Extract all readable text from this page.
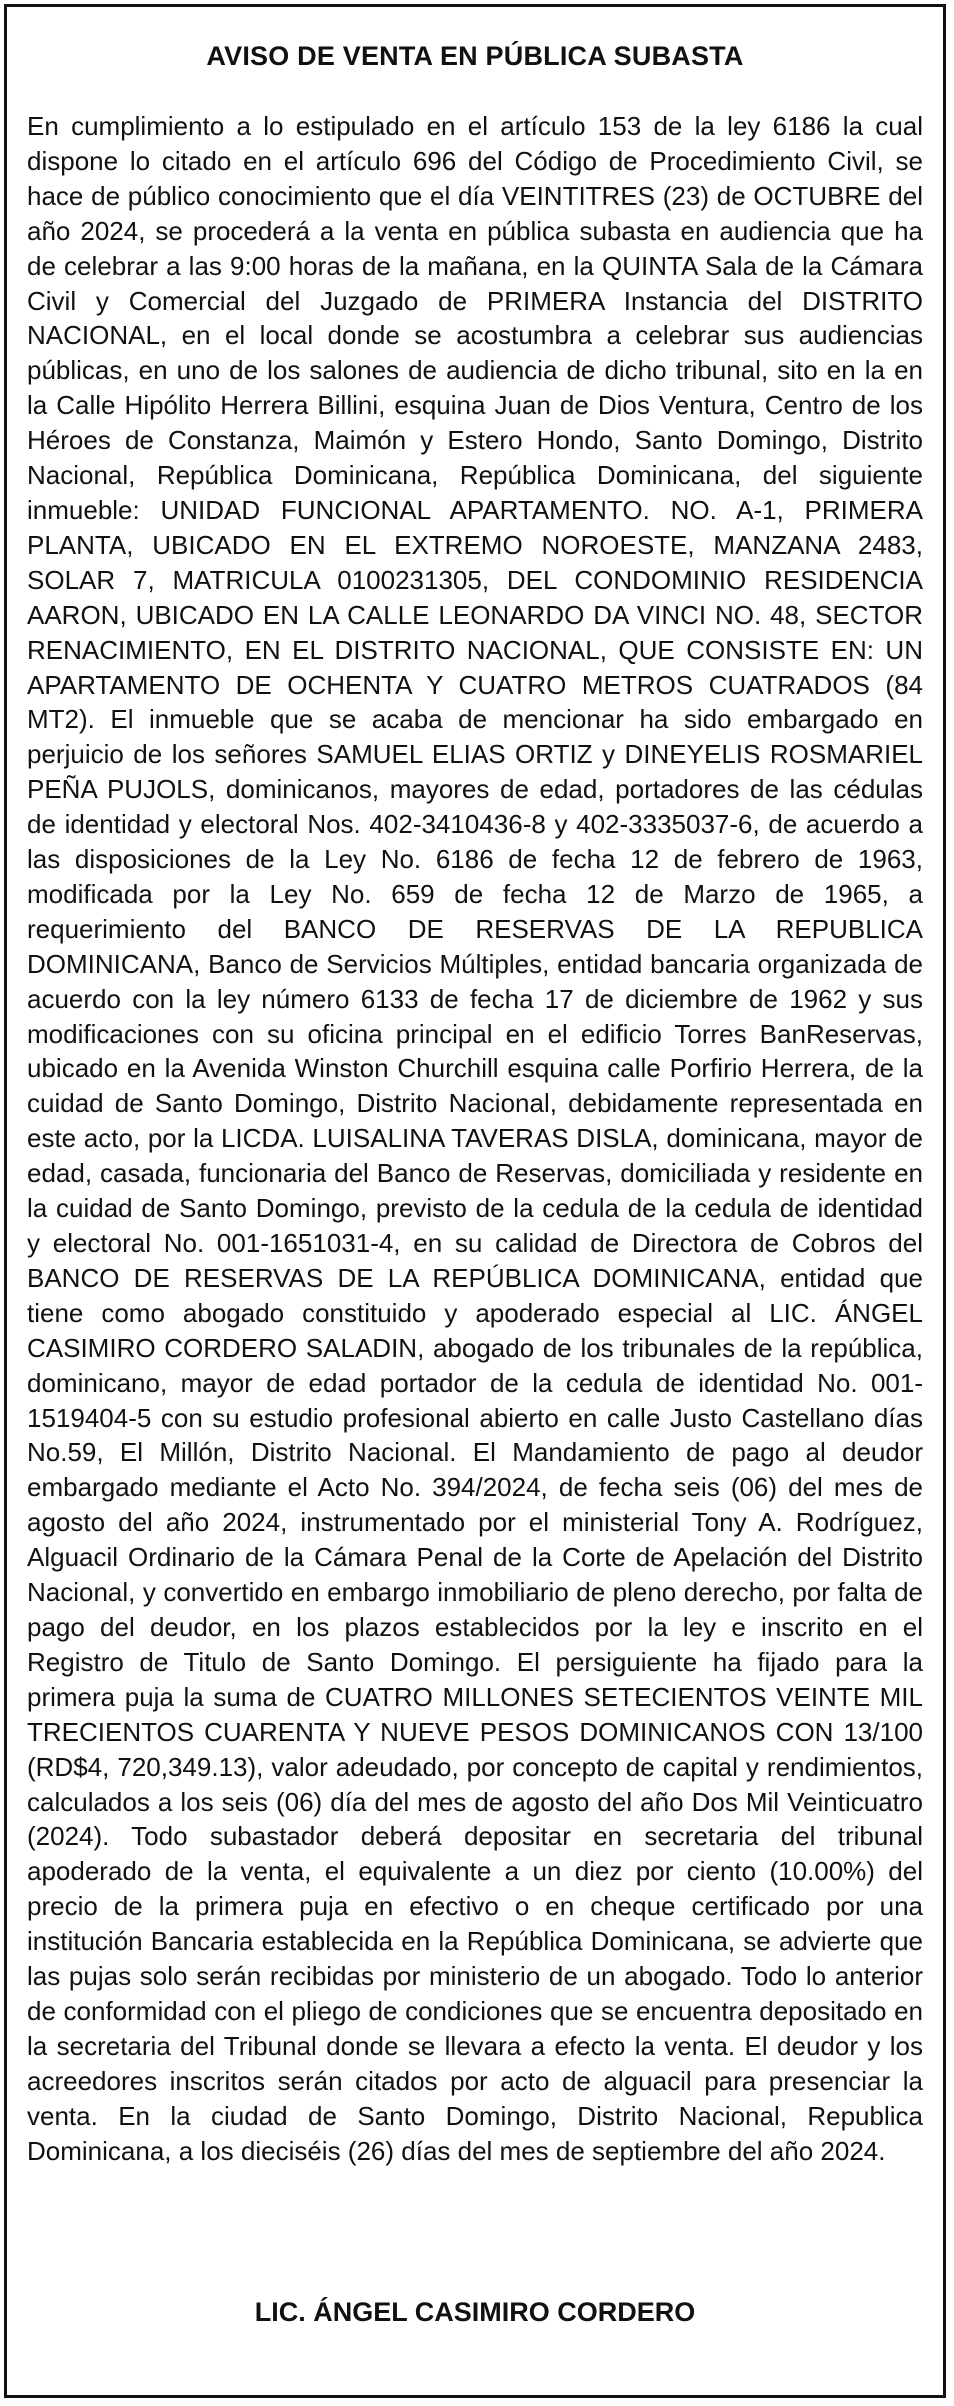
AVISO DE VENTA EN PÚBLICA SUBASTA

En cumplimiento a lo estipulado en el artículo 153 de la ley 6186 la cual dispone lo citado en el artículo 696 del Código de Procedimiento Civil, se hace de público conocimiento que el día VEINTITRES (23) de OCTUBRE del año 2024, se procederá a la venta en pública subasta en audiencia que ha de celebrar a las 9:00 horas de la mañana, en la QUINTA Sala de la Cámara Civil y Comercial del Juzgado de PRIMERA Instancia del DISTRITO NACIONAL, en el local donde se acostumbra a celebrar sus audiencias públicas, en uno de los salones de audiencia de dicho tribunal, sito en la en la Calle Hipólito Herrera Billini, esquina Juan de Dios Ventura, Centro de los Héroes de Constanza, Maimón y Estero Hondo, Santo Domingo, Distrito Nacional, República Dominicana, República Dominicana, del siguiente inmueble: UNIDAD FUNCIONAL APARTAMENTO. NO. A-1, PRIMERA PLANTA, UBICADO EN EL EXTREMO NOROESTE, MANZANA 2483, SOLAR 7, MATRICULA 0100231305, DEL CONDOMINIO RESIDENCIA AARON, UBICADO EN LA CALLE LEONARDO DA VINCI NO. 48, SECTOR RENACIMIENTO, EN EL DISTRITO NACIONAL, QUE CONSISTE EN: UN APARTAMENTO DE OCHENTA Y CUATRO METROS CUATRADOS (84 MT2). El inmueble que se acaba de mencionar ha sido embargado en perjuicio de los señores SAMUEL ELIAS ORTIZ y DINEYELIS ROSMARIEL PEÑA PUJOLS, dominicanos, mayores de edad, portadores de las cédulas de identidad y electoral Nos. 402-3410436-8 y 402-3335037-6, de acuerdo a las disposiciones de la Ley No. 6186 de fecha 12 de febrero de 1963, modificada por la Ley No. 659 de fecha 12 de Marzo de 1965, a requerimiento del BANCO DE RESERVAS DE LA REPUBLICA DOMINICANA, Banco de Servicios Múltiples, entidad bancaria organizada de acuerdo con la ley número 6133 de fecha 17 de diciembre de 1962 y sus modificaciones con su oficina principal en el edificio Torres BanReservas, ubicado en la Avenida Winston Churchill esquina calle Porfirio Herrera, de la cuidad de Santo Domingo, Distrito Nacional, debidamente representada en este acto, por la LICDA. LUISALINA TAVERAS DISLA, dominicana, mayor de edad, casada, funcionaria del Banco de Reservas, domiciliada y residente en la cuidad de Santo Domingo, previsto de la cedula de la cedula de identidad y electoral No. 001-1651031-4, en su calidad de Directora de Cobros del BANCO DE RESERVAS DE LA REPÚBLICA DOMINICANA, entidad que tiene como abogado constituido y apoderado especial al LIC. ÁNGEL CASIMIRO CORDERO SALADIN, abogado de los tribunales de la república, dominicano, mayor de edad portador de la cedula de identidad No. 001-1519404-5 con su estudio profesional abierto en calle Justo Castellano días No.59, El Millón, Distrito Nacional. El Mandamiento de pago al deudor embargado mediante el Acto No. 394/2024, de fecha seis (06) del mes de agosto del año 2024, instrumentado por el ministerial Tony A. Rodríguez, Alguacil Ordinario de la Cámara Penal de la Corte de Apelación del Distrito Nacional, y convertido en embargo inmobiliario de pleno derecho, por falta de pago del deudor, en los plazos establecidos por la ley e inscrito en el Registro de Titulo de Santo Domingo. El persiguiente ha fijado para la primera puja la suma de CUATRO MILLONES SETECIENTOS VEINTE MIL TRECIENTOS CUARENTA Y NUEVE PESOS DOMINICANOS CON 13/100 (RD$4, 720,349.13), valor adeudado, por concepto de capital y rendimientos, calculados a los seis (06) día del mes de agosto del año Dos Mil Veinticuatro (2024). Todo subastador deberá depositar en secretaria del tribunal apoderado de la venta, el equivalente a un diez por ciento (10.00%) del precio de la primera puja en efectivo o en cheque certificado por una institución Bancaria establecida en la República Dominicana, se advierte que las pujas solo serán recibidas por ministerio de un abogado. Todo lo anterior de conformidad con el pliego de condiciones que se encuentra depositado en la secretaria del Tribunal donde se llevara a efecto la venta. El deudor y los acreedores inscritos serán citados por acto de alguacil para presenciar la venta. En la ciudad de Santo Domingo, Distrito Nacional, Republica Dominicana, a los dieciséis (26) días del mes de septiembre del año 2024.

LIC. ÁNGEL CASIMIRO CORDERO
